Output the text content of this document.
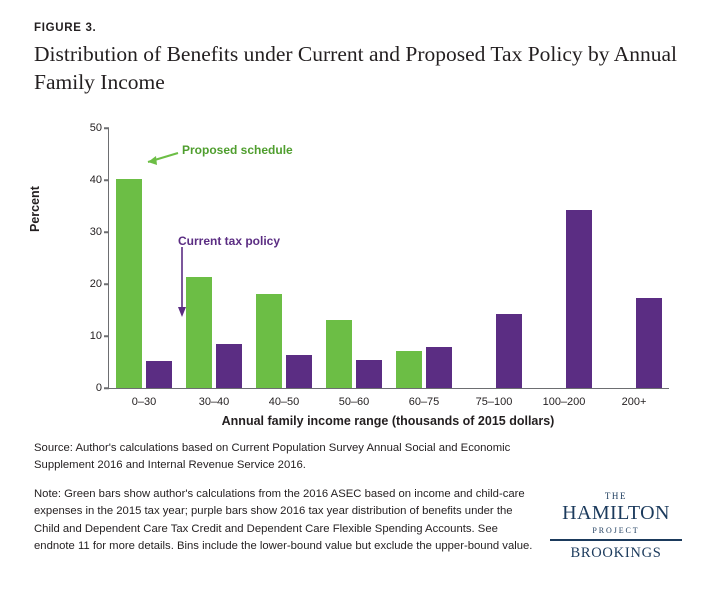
FIGURE 3.
Distribution of Benefits under Current and Proposed Tax Policy by Annual Family Income
Percent
0–30	30–40	40–50	50–60	60–75	75–100	100–200	200+
0
10
20
30
40
50
Proposed schedule
Current tax policy
Annual family income range (thousands of 2015 dollars)

Source: Author's calculations based on Current Population Survey Annual Social and Economic Supplement 2016 and Internal Revenue Service 2016.

Note: Green bars show author's calculations from the 2016 ASEC based on income and child-care expenses in the 2015 tax year; purple bars show 2016 tax year distribution of benefits under the Child and Dependent Care Tax Credit and Dependent Care Flexible Spending Accounts. See endnote 11 for more details. Bins include the lower-bound value but exclude the upper-bound value.

THE
HAMILTON
PROJECT
BROOKINGS
